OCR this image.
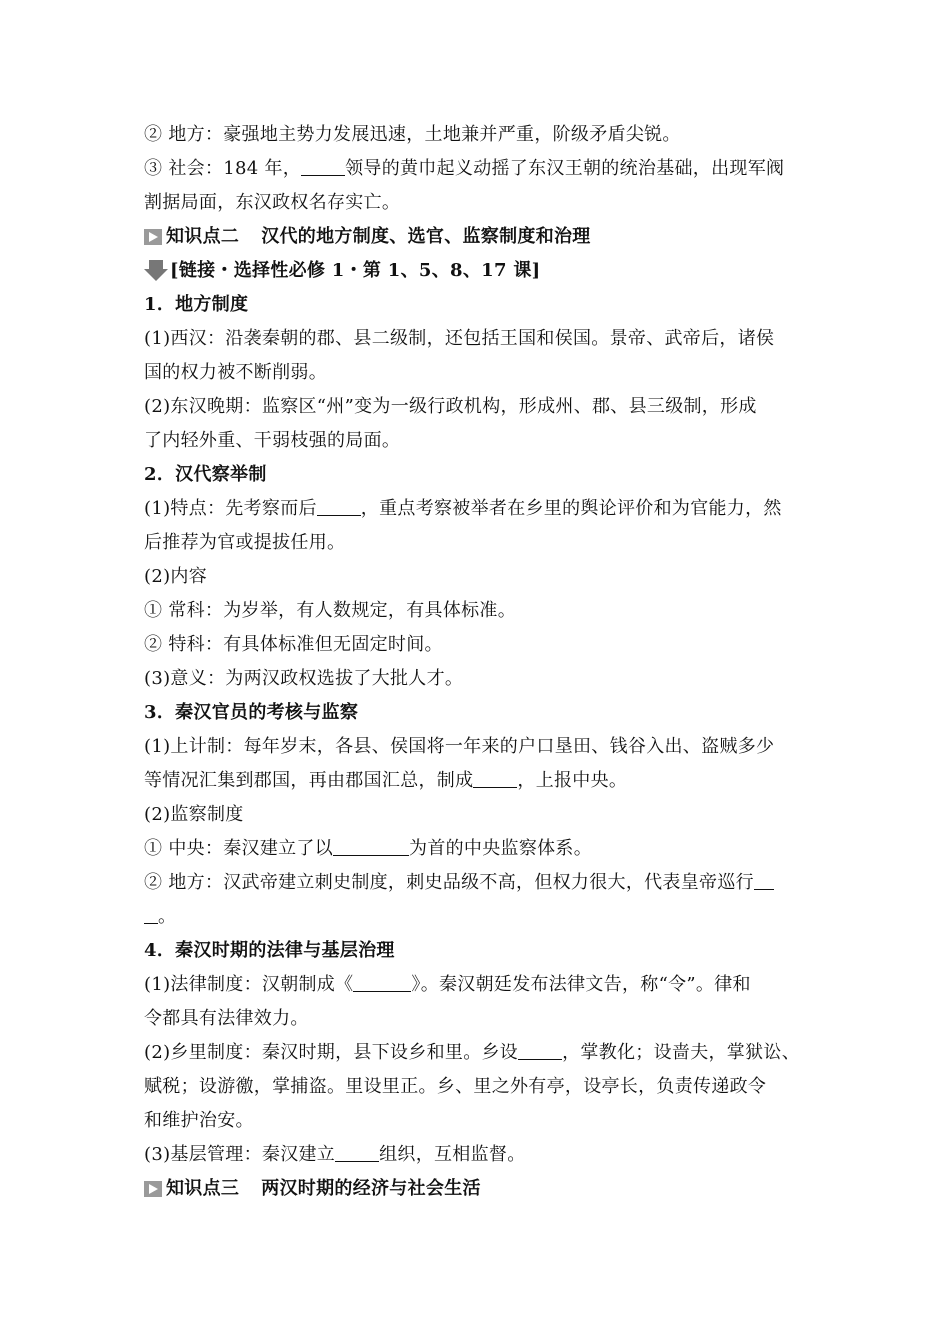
② 地方：豪强地主势力发展迅速，土地兼并严重，阶级矛盾尖锐。
③ 社会：184 年， 领导的黄巾起义动摇了东汉王朝的统治基础，出现军阀
割据局面，东汉政权名存实亡。
知识点二 汉代的地方制度、选官、监察制度和治理
[链接・选择性必修 1・第 1、5、8、17 课]
1．地方制度
(1)西汉：沿袭秦朝的郡、县二级制，还包括王国和侯国。景帝、武帝后，诸侯
国的权力被不断削弱。
(2)东汉晚期：监察区“州”变为一级行政机构，形成州、郡、县三级制，形成
了内轻外重、干弱枝强的局面。
2．汉代察举制
(1)特点：先考察而后 ，重点考察被举者在乡里的舆论评价和为官能力，然
后推荐为官或提拔任用。
(2)内容
① 常科：为岁举，有人数规定，有具体标准。
② 特科：有具体标准但无固定时间。
(3)意义：为两汉政权选拔了大批人才。
3．秦汉官员的考核与监察
(1)上计制：每年岁末，各县、侯国将一年来的户口垦田、钱谷入出、盗贼多少
等情况汇集到郡国，再由郡国汇总，制成 ，上报中央。
(2)监察制度
① 中央：秦汉建立了以	为首的中央监察体系。
② 地方：汉武帝建立刺史制度，刺史品级不高，但权力很大，代表皇帝巡行
。
4．秦汉时期的法律与基层治理
(1)法律制度：汉朝制成《	》。秦汉朝廷发布法律文告，称“令”。律和
令都具有法律效力。
(2)乡里制度：秦汉时期，县下设乡和里。乡设 ，掌教化；设啬夫，掌狱讼、
赋税；设游徼，掌捕盗。里设里正。乡、里之外有亭，设亭长，负责传递政令
和维护治安。
(3)基层管理：秦汉建立 组织，互相监督。
知识点三 两汉时期的经济与社会生活
